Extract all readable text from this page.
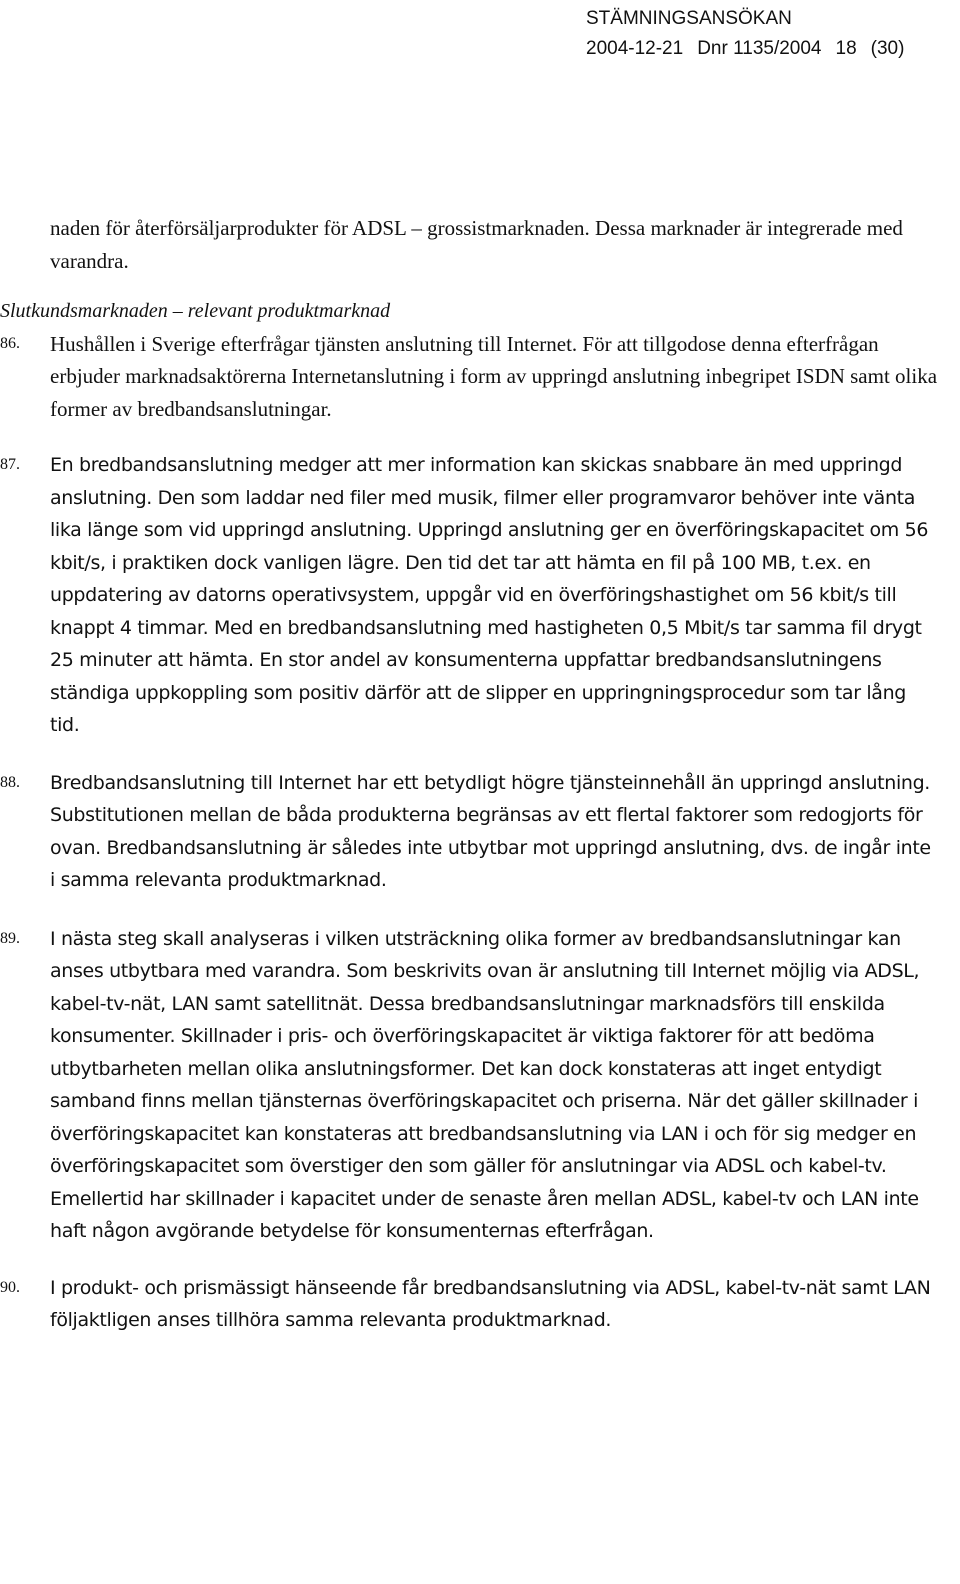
STÄMNINGSANSÖKAN
2004-12-21 Dnr 1135/2004 18 (30)

naden för återförsäljarprodukter för ADSL – grossistmarknaden. Dessa marknader är integrerade med varandra.

Slutkundsmarknaden – relevant produktmarknad

86.	Hushållen i Sverige efterfrågar tjänsten anslutning till Internet. För att tillgodose denna efterfrågan erbjuder marknadsaktörerna Internetanslutning i form av uppringd anslutning inbegripet ISDN samt olika former av bredbandsanslutningar.
87.	En bredbandsanslutning medger att mer information kan skickas snabbare än med uppringd anslutning. Den som laddar ned filer med musik, filmer eller programvaror behöver inte vänta lika länge som vid uppringd anslutning. Uppringd anslutning ger en överföringskapacitet om 56 kbit/s, i praktiken dock vanligen lägre. Den tid det tar att hämta en fil på 100 MB, t.ex. en uppdatering av datorns operativsystem, uppgår vid en överföringshastighet om 56 kbit/s till knappt 4 timmar. Med en bredbandsanslutning med hastigheten 0,5 Mbit/s tar samma fil drygt 25 minuter att hämta. En stor andel av konsumenterna uppfattar bredbandsanslutningens ständiga uppkoppling som positiv därför att de slipper en uppringningsprocedur som tar lång tid.
88.	Bredbandsanslutning till Internet har ett betydligt högre tjänsteinnehåll än uppringd anslutning. Substitutionen mellan de båda produkterna begränsas av ett flertal faktorer som redogjorts för ovan. Bredbandsanslutning är således inte utbytbar mot uppringd anslutning, dvs. de ingår inte i samma relevanta produktmarknad.
89.	I nästa steg skall analyseras i vilken utsträckning olika former av bredbandsanslutningar kan anses utbytbara med varandra. Som beskrivits ovan är anslutning till Internet möjlig via ADSL, kabel-tv-nät, LAN samt satellitnät. Dessa bredbandsanslutningar marknadsförs till enskilda konsumenter. Skillnader i pris- och överföringskapacitet är viktiga faktorer för att bedöma utbytbarheten mellan olika anslutningsformer. Det kan dock konstateras att inget entydigt samband finns mellan tjänsternas överföringskapacitet och priserna. När det gäller skillnader i överföringskapacitet kan konstateras att bredbandsanslutning via LAN i och för sig medger en överföringskapacitet som överstiger den som gäller för anslutningar via ADSL och kabel-tv. Emellertid har skillnader i kapacitet under de senaste åren mellan ADSL, kabel-tv och LAN inte haft någon avgörande betydelse för konsumenternas efterfrågan.
90.	I produkt- och prismässigt hänseende får bredbandsanslutning via ADSL, kabel-tv-nät samt LAN följaktligen anses tillhöra samma relevanta produktmarknad.
